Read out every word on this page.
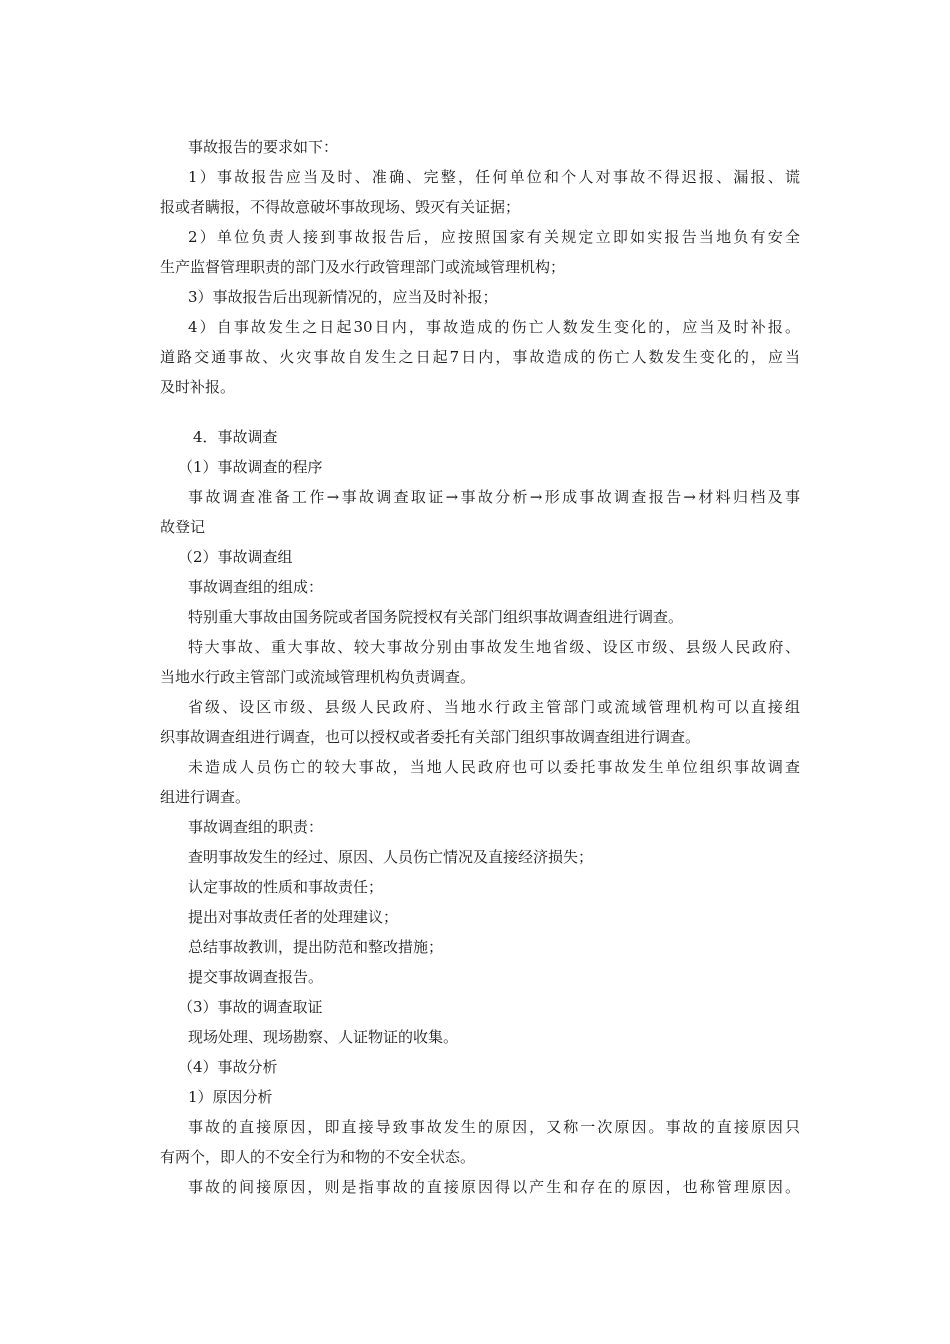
事故报告的要求如下：
1）事故报告应当及时、准确、完整，任何单位和个人对事故不得迟报、漏报、谎
报或者瞒报，不得故意破坏事故现场、毁灭有关证据；
2）单位负责人接到事故报告后，应按照国家有关规定立即如实报告当地负有安全
生产监督管理职责的部门及水行政管理部门或流域管理机构；
3）事故报告后出现新情况的，应当及时补报；
4）自事故发生之日起30日内，事故造成的伤亡人数发生变化的，应当及时补报。
道路交通事故、火灾事故自发生之日起7日内，事故造成的伤亡人数发生变化的，应当
及时补报。
4．事故调查
（1）事故调查的程序
事故调查准备工作→事故调查取证→事故分析→形成事故调查报告→材料归档及事
故登记
（2）事故调查组
事故调查组的组成：
特别重大事故由国务院或者国务院授权有关部门组织事故调查组进行调查。
特大事故、重大事故、较大事故分别由事故发生地省级、设区市级、县级人民政府、
当地水行政主管部门或流域管理机构负责调查。
省级、设区市级、县级人民政府、当地水行政主管部门或流域管理机构可以直接组
织事故调查组进行调查，也可以授权或者委托有关部门组织事故调查组进行调查。
未造成人员伤亡的较大事故，当地人民政府也可以委托事故发生单位组织事故调查
组进行调查。
事故调查组的职责：
查明事故发生的经过、原因、人员伤亡情况及直接经济损失；
认定事故的性质和事故责任；
提出对事故责任者的处理建议；
总结事故教训，提出防范和整改措施；
提交事故调查报告。
（3）事故的调查取证
现场处理、现场勘察、人证物证的收集。
（4）事故分析
1）原因分析
事故的直接原因，即直接导致事故发生的原因，又称一次原因。事故的直接原因只
有两个，即人的不安全行为和物的不安全状态。
事故的间接原因，则是指事故的直接原因得以产生和存在的原因，也称管理原因。
